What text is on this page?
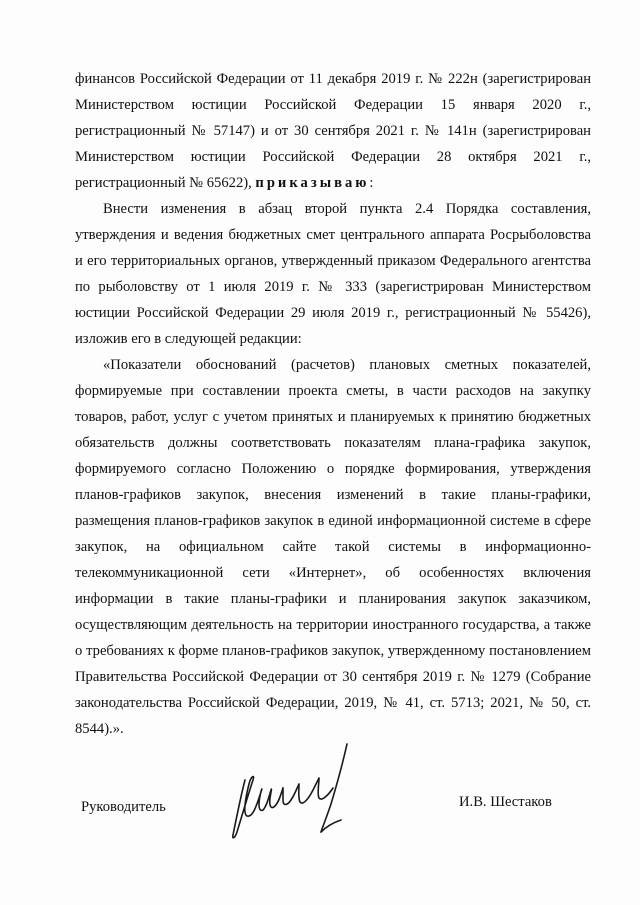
финансов Российской Федерации от 11 декабря 2019 г. № 222н (зарегистрирован Министерством юстиции Российской Федерации 15 января 2020 г., регистрационный № 57147) и от 30 сентября 2021 г. № 141н (зарегистрирован Министерством юстиции Российской Федерации 28 октября 2021 г., регистрационный № 65622), приказываю:

Внести изменения в абзац второй пункта 2.4 Порядка составления, утверждения и ведения бюджетных смет центрального аппарата Росрыболовства и его территориальных органов, утвержденный приказом Федерального агентства по рыболовству от 1 июля 2019 г. № 333 (зарегистрирован Министерством юстиции Российской Федерации 29 июля 2019 г., регистрационный № 55426), изложив его в следующей редакции:

«Показатели обоснований (расчетов) плановых сметных показателей, формируемые при составлении проекта сметы, в части расходов на закупку товаров, работ, услуг с учетом принятых и планируемых к принятию бюджетных обязательств должны соответствовать показателям плана-графика закупок, формируемого согласно Положению о порядке формирования, утверждения планов-графиков закупок, внесения изменений в такие планы-графики, размещения планов-графиков закупок в единой информационной системе в сфере закупок, на официальном сайте такой системы в информационно-телекоммуникационной сети «Интернет», об особенностях включения информации в такие планы-графики и планирования закупок заказчиком, осуществляющим деятельность на территории иностранного государства, а также о требованиях к форме планов-графиков закупок, утвержденному постановлением Правительства Российской Федерации от 30 сентября 2019 г. № 1279 (Собрание законодательства Российской Федерации, 2019, № 41, ст. 5713; 2021, № 50, ст. 8544).».

Руководитель	И.В. Шестаков
